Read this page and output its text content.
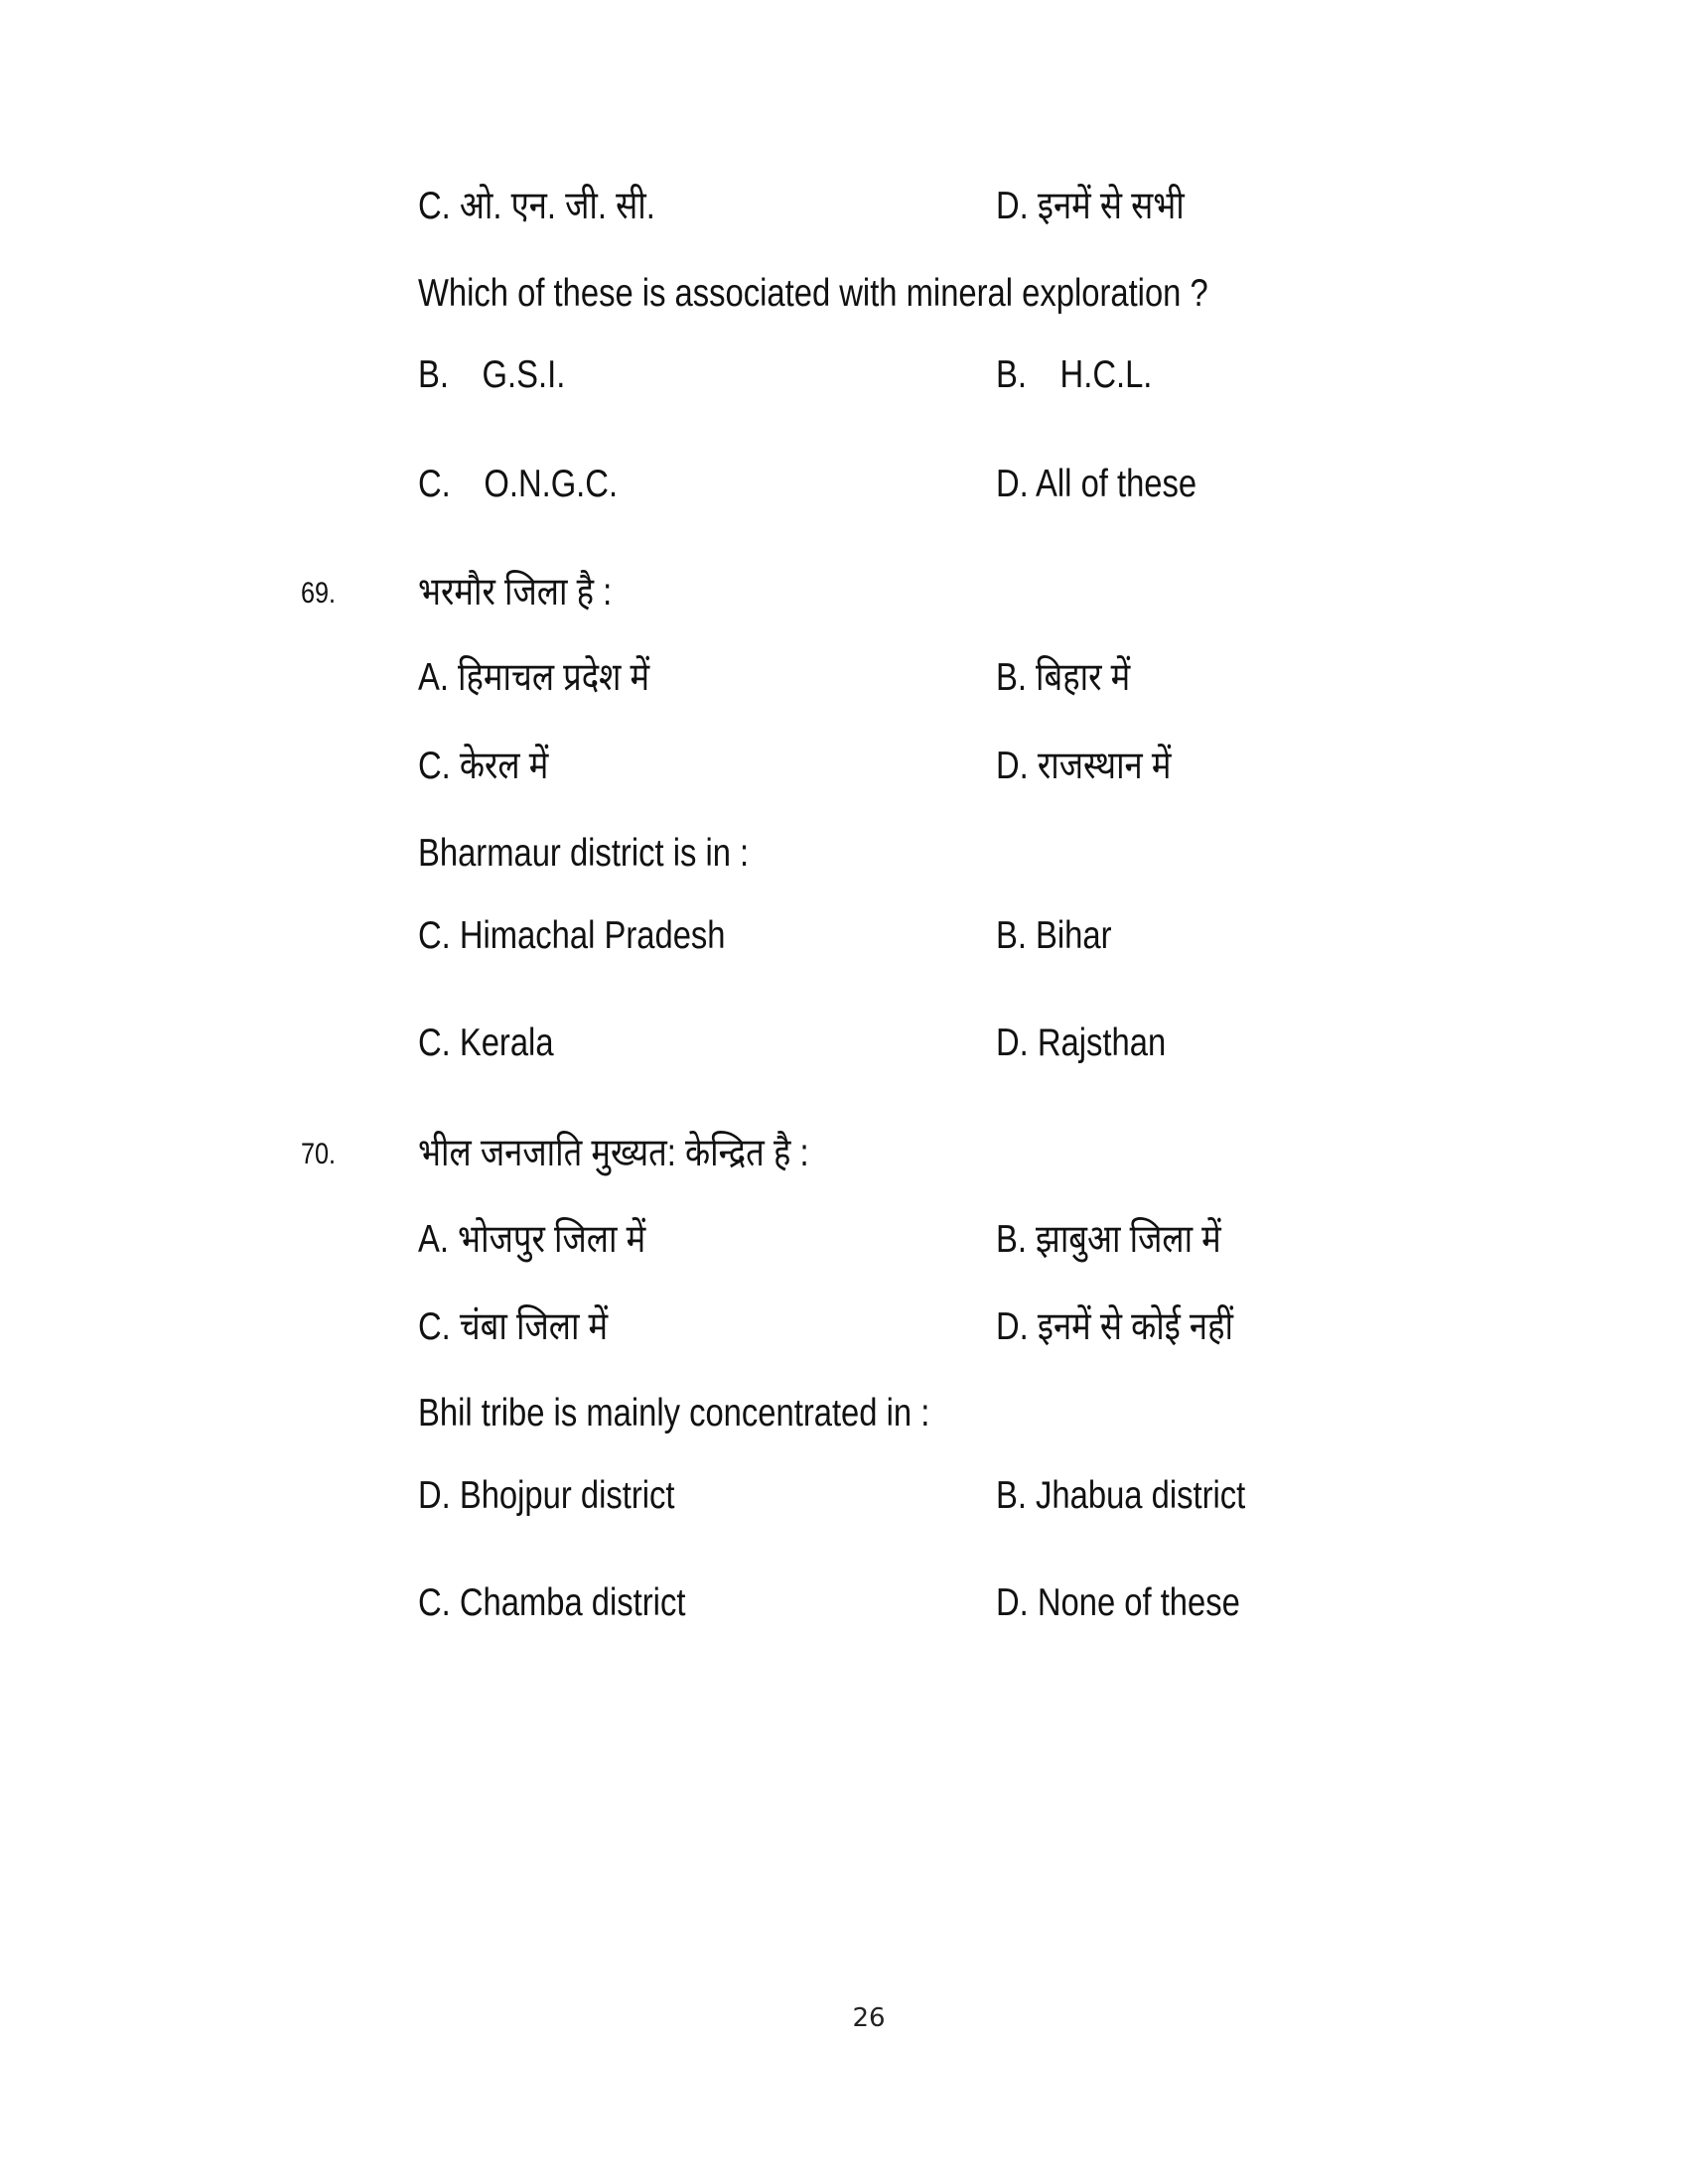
C. ओ. एन. जी. सी.	D. इनमें से सभी
Which of these is associated with mineral exploration ?
B. G.S.I.	B. H.C.L.
C. O.N.G.C.	D. All of these
69. भरमौर जिला है :
A. हिमाचल प्रदेश में	B. बिहार में
C. केरल में	D. राजस्थान में
Bharmaur district is in :
C. Himachal Pradesh	B. Bihar
C. Kerala	D. Rajsthan
70. भील जनजाति मुख्यत: केन्द्रित है :
A. भोजपुर जिला में	B. झाबुआ जिला में
C. चंबा जिला में	D. इनमें से कोई नहीं
Bhil tribe is mainly concentrated in :
D. Bhojpur district	B. Jhabua district
C. Chamba district	D. None of these
26
